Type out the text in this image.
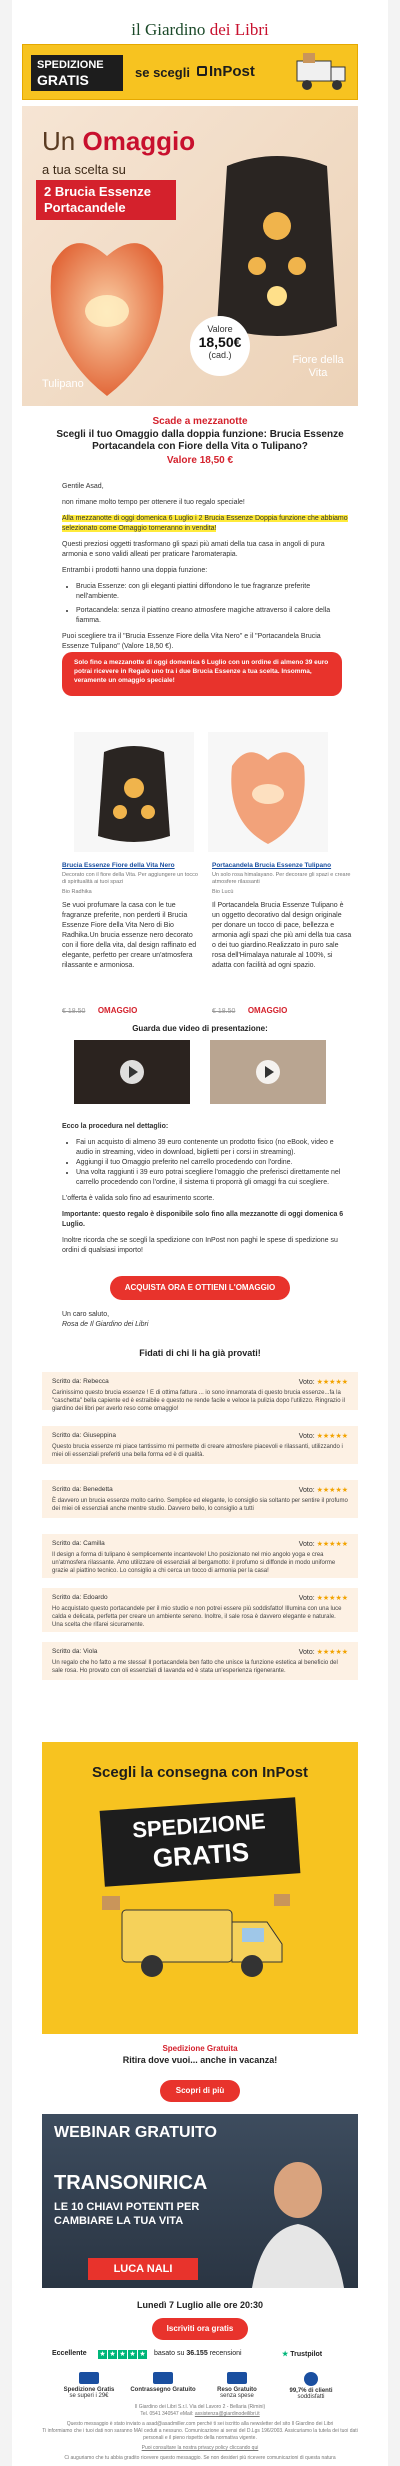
il Giardino dei Libri
SPEDIZIONE
GRATIS	se scegli InPost
Un Omaggio
a tua scelta su
2 Brucia Essenze Portacandele
Valore
18,50€
(cad.)
Tulipano
Fiore della Vita
Scade a mezzanotte
Scegli il tuo Omaggio dalla doppia funzione: Brucia Essenze Portacandela con Fiore della Vita o Tulipano?
Valore 18,50 €
Gentile Asad,
non rimane molto tempo per ottenere il tuo regalo speciale!
Alla mezzanotte di oggi domenica 6 Luglio i 2 Brucia Essenze Doppia funzione che abbiamo selezionato come Omaggio torneranno in vendita!
Questi preziosi oggetti trasformano gli spazi più amati della tua casa in angoli di pura armonia e sono validi alleati per praticare l'aromaterapia.
Entrambi i prodotti hanno una doppia funzione:
• Brucia Essenze: con gli eleganti piattini diffondono le tue fragranze preferite nell'ambiente.
• Portacandela: senza il piattino creano atmosfere magiche attraverso il calore della fiamma.
Puoi scegliere tra il "Brucia Essenze Fiore della Vita Nero" e il "Portacandela Brucia Essenze Tulipano" (Valore 18,50 €).
Solo fino a mezzanotte di oggi domenica 6 Luglio con un ordine di almeno 39 euro potrai ricevere in Regalo uno tra i due Brucia Essenze a tua scelta. Insomma, veramente un omaggio speciale!
Brucia Essenze Fiore della Vita Nero
Decorato con il fiore della Vita. Per aggiungere un tocco di spiritualità ai tuoi spazi
Bio Radhika
Se vuoi profumare la casa con le tue fragranze preferite, non perderti il Brucia Essenze Fiore della Vita Nero di Bio Radhika.Un brucia essenze nero decorato con il fiore della vita, dal design raffinato ed elegante, perfetto per creare un'atmosfera rilassante e armoniosa.
Portacandela Brucia Essenze Tulipano
Un solo rosa himalayano. Per decorare gli spazi e creare atmosfere rilassanti
Bio Lucù
Il Portacandela Brucia Essenze Tulipano è un oggetto decorativo dal design originale per donare un tocco di pace, bellezza e armonia agli spazi che più ami della tua casa o dei tuo giardino.Realizzato in puro sale rosa dell'Himalaya naturale al 100%, si adatta con facilità ad ogni spazio.
€ 18.50 OMAGGIO	€ 18.50 OMAGGIO
Guarda due video di presentazione:
Ecco la procedura nel dettaglio:
• Fai un acquisto di almeno 39 euro contenente un prodotto fisico (no eBook, video e audio in streaming, video in download, biglietti per i corsi in streaming).
• Aggiungi il tuo Omaggio preferito nel carrello procedendo con l'ordine.
• Una volta raggiunti i 39 euro potrai scegliere l'omaggio che preferisci direttamente nel carrello procedendo con l'ordine, il sistema ti proporrà gli omaggi fra cui scegliere.
L'offerta è valida solo fino ad esaurimento scorte.
Importante: questo regalo è disponibile solo fino alla mezzanotte di oggi domenica 6 Luglio.
Inoltre ricorda che se scegli la spedizione con InPost non paghi le spese di spedizione su ordini di qualsiasi importo!
ACQUISTA ORA E OTTIENI L'OMAGGIO
Un caro saluto,
Rosa de Il Giardino dei Libri
Fidati di chi li ha già provati!
Scritto da: Rebecca	Voto: ★★★★★
Carinissimo questo brucia essenze ! E di ottima fattura ... io sono innamorata di questo brucia essenze...fa la "caschetta" bella capiente ed è estraibile e questo ne rende facile e veloce la pulizia dopo l'utilizzo. Ringrazio il giardino dei libri per averlo reso come omaggio!
Scritto da: Giuseppina	Voto: ★★★★★
Questo brucia essenze mi piace tantissimo mi permette di creare atmosfere piacevoli e rilassanti, utilizzando i miei oli essenziali preferiti una bella forma ed è di qualità.
Scritto da: Benedetta	Voto: ★★★★★
È davvero un brucia essenze molto carino. Semplice ed elegante, lo consiglio sia soltanto per sentire il profumo dei miei oli essenziali anche mentre studio. Davvero bello, lo consiglio a tutti
Scritto da: Camilla	Voto: ★★★★★
Il design a forma di tulipano è semplicemente incantevole! Lho posizionato nel mio angolo yoga e crea un'atmosfera rilassante. Amo utilizzare oli essenziali al bergamotto: il profumo si diffonde in modo uniforme grazie al piattino tecnico. Lo consiglio a chi cerca un tocco di armonia per la casa!
Scritto da: Edoardo	Voto: ★★★★★
Ho acquistato questo portacandele per il mio studio e non potrei essere più soddisfatto! Illumina con una luce calda e delicata, perfetta per creare un ambiente sereno. Inoltre, il sale rosa è davvero elegante e naturale. Una scelta che rifarei sicuramente.
Scritto da: Viola	Voto: ★★★★★
Un regalo che ho fatto a me stessa! Il portacandela ben fatto che unisce la funzione estetica al beneficio del sale rosa. Ho provato con oli essenziali di lavanda ed è stata un'esperienza rigenerante.
Scegli la consegna con InPost
SPEDIZIONE
GRATIS
Spedizione Gratuita
Ritira dove vuoi... anche in vacanza!
Scopri di più
WEBINAR GRATUITO
TRANSONIRICA
LE 10 CHIAVI POTENTI PER
CAMBIARE LA TUA VITA
LUCA NALI
Lunedì 7 Luglio alle ore 20:30
Iscriviti ora gratis
Eccellente ★ ★ ★ ★ ★ basato su 36.155 recensioni	★ Trustpilot
Spedizione Gratis
se superi i 29€
Contrassegno Gratuito	Reso Gratuito
senza spese
99,7% di clienti
soddisfatti
Il Giardino dei Libri S.r.l. Via del Lavoro 2 - Bellaria (Rimini)
Tel. 0541 340547 eMail: assistenza@giardinodeilibri.it
Questo messaggio è stato inviato a asad@asadmiller.com perché ti sei iscritto alla newsletter del sito Il Giardino dei Libri
Ti informiamo che i tuoi dati non saranno MAI ceduti a nessuno. Comunicazione ai sensi del D.Lgs 196/2003. Assicuriamo la tutela dei tuoi dati personali e il pieno rispetto della normativa vigente.
Puoi consultare la nostra privacy policy cliccando qui
Ci auguriamo che tu abbia gradito ricevere questo messaggio. Se non desideri più ricevere comunicazioni di questa natura
